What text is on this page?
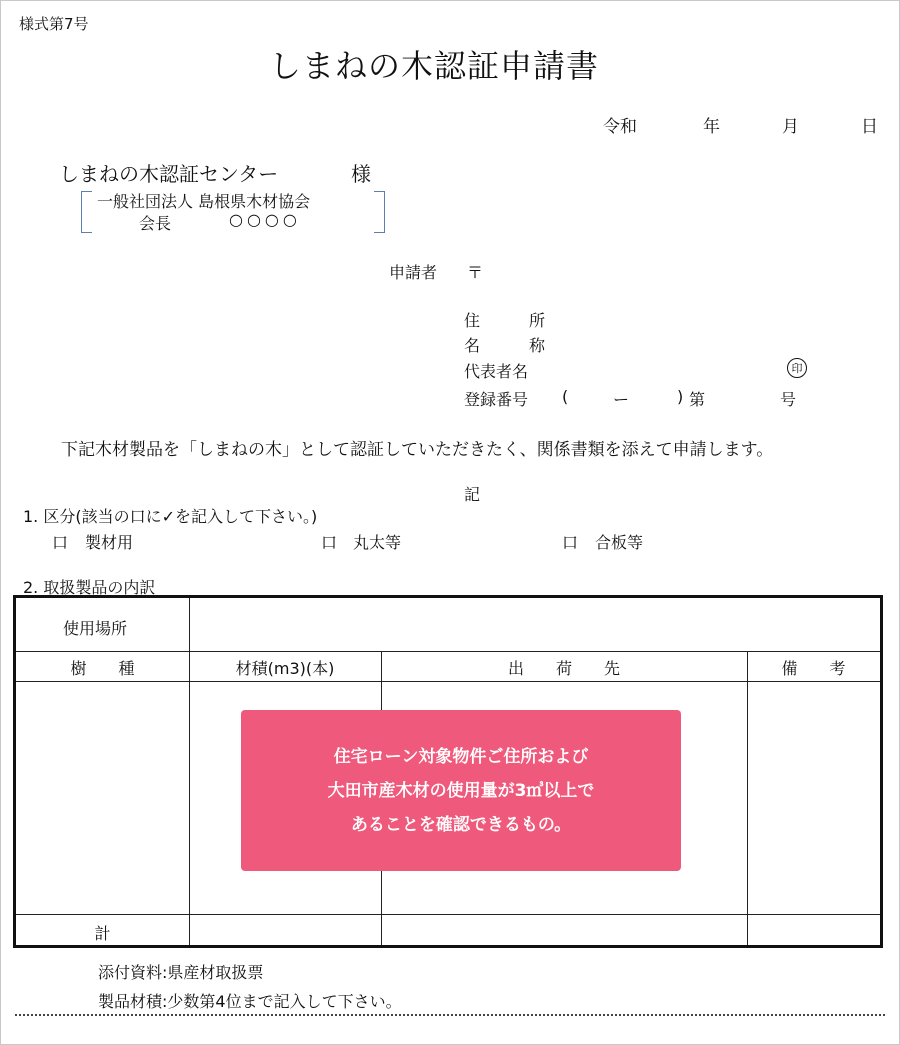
様式第7号
しまねの木認証申請書
令和	年	月	日
しまねの木認証センター	様
一般社団法人 島根県木材協会
会長	○○○○
申請者 〒
住	所
名	称
代表者名	印
登録番号 (	ー	) 第	号
下記木材製品を「しまねの木」として認証していただきたく、関係書類を添えて申請します。
記
1. 区分(該当の口に✓を記入して下さい。)
口 製材用	口 丸太等	口 合板等
2. 取扱製品の内訳
使用場所
樹　　種	材積(m3)(本)	出　　荷　　先	備　　考
計
住宅ローン対象物件ご住所および
大田市産木材の使用量が3㎥以上で
あることを確認できるもの。
添付資料:県産材取扱票
製品材積:少数第4位まで記入して下さい。
